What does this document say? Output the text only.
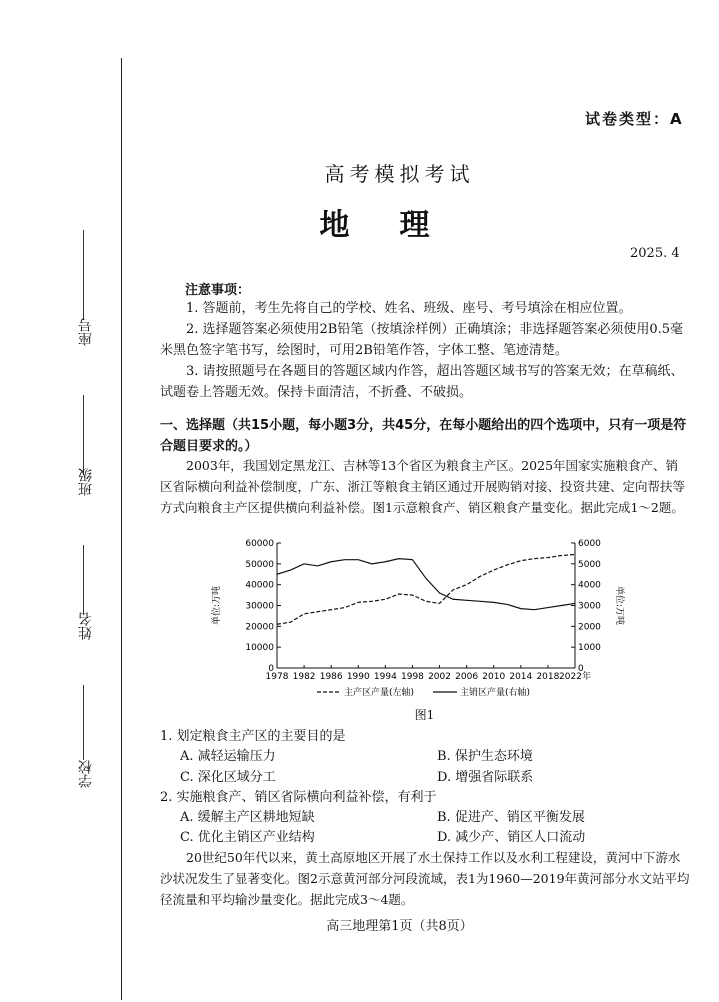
座号
班级
姓名
学校
试卷类型：A
高考模拟考试
地理
2025. 4
注意事项：
1. 答题前，考生先将自己的学校、姓名、班级、座号、考号填涂在相应位置。
2. 选择题答案必须使用2B铅笔（按填涂样例）正确填涂；非选择题答案必须使用0.5毫米黑色签字笔书写，绘图时，可用2B铅笔作答，字体工整、笔迹清楚。
3. 请按照题号在各题目的答题区域内作答，超出答题区域书写的答案无效；在草稿纸、试题卷上答题无效。保持卡面清洁，不折叠、不破损。
一、选择题（共15小题，每小题3分，共45分，在每小题给出的四个选项中，只有一项是符合题目要求的。）
2003年，我国划定黑龙江、吉林等13个省区为粮食主产区。2025年国家实施粮食产、销区省际横向利益补偿制度，广东、浙江等粮食主销区通过开展购销对接、投资共建、定向帮扶等方式向粮食主产区提供横向利益补偿。图1示意粮食产、销区粮食产量变化。据此完成1～2题。
0
10000
20000
30000
40000
50000
60000
0
1000
2000
3000
4000
5000
6000
1978 1982 1986 1990 1994 1998 2002 2006 2010 2014 2018 2022年
单位:万吨	单位:万吨
主产区产量(左轴)	主销区产量(右轴)
图1
1. 划定粮食主产区的主要目的是
A. 减轻运输压力	B. 保护生态环境
C. 深化区域分工	D. 增强省际联系
2. 实施粮食产、销区省际横向利益补偿，有利于
A. 缓解主产区耕地短缺	B. 促进产、销区平衡发展
C. 优化主销区产业结构	D. 减少产、销区人口流动
20世纪50年代以来，黄土高原地区开展了水土保持工作以及水利工程建设，黄河中下游水沙状况发生了显著变化。图2示意黄河部分河段流域，表1为1960—2019年黄河部分水文站平均径流量和平均输沙量变化。据此完成3～4题。
高三地理第1页（共8页）
